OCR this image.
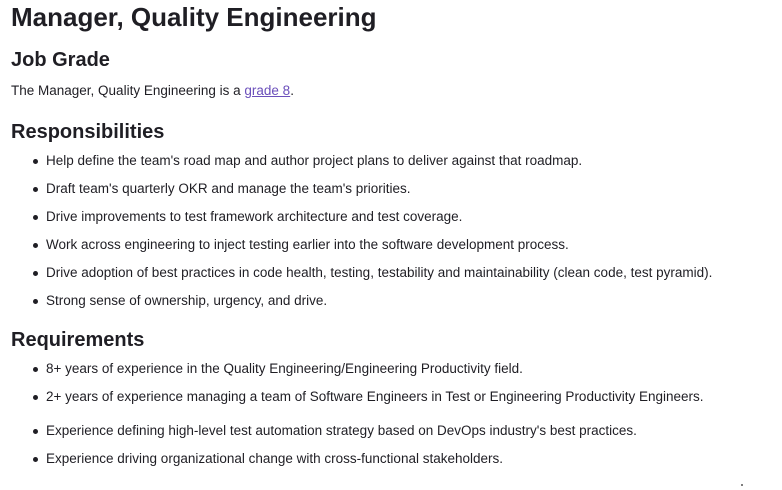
Manager, Quality Engineering
Job Grade

The Manager, Quality Engineering is a grade 8.

Responsibilities
Help define the team's road map and author project plans to deliver against that roadmap.
Draft team's quarterly OKR and manage the team's priorities.
Drive improvements to test framework architecture and test coverage.
Work across engineering to inject testing earlier into the software development process.
Drive adoption of best practices in code health, testing, testability and maintainability (clean code, test pyramid).
Strong sense of ownership, urgency, and drive.
Requirements
8+ years of experience in the Quality Engineering/Engineering Productivity field.
2+ years of experience managing a team of Software Engineers in Test or Engineering Productivity Engineers.
Experience defining high-level test automation strategy based on DevOps industry's best practices.
Experience driving organizational change with cross-functional stakeholders.
